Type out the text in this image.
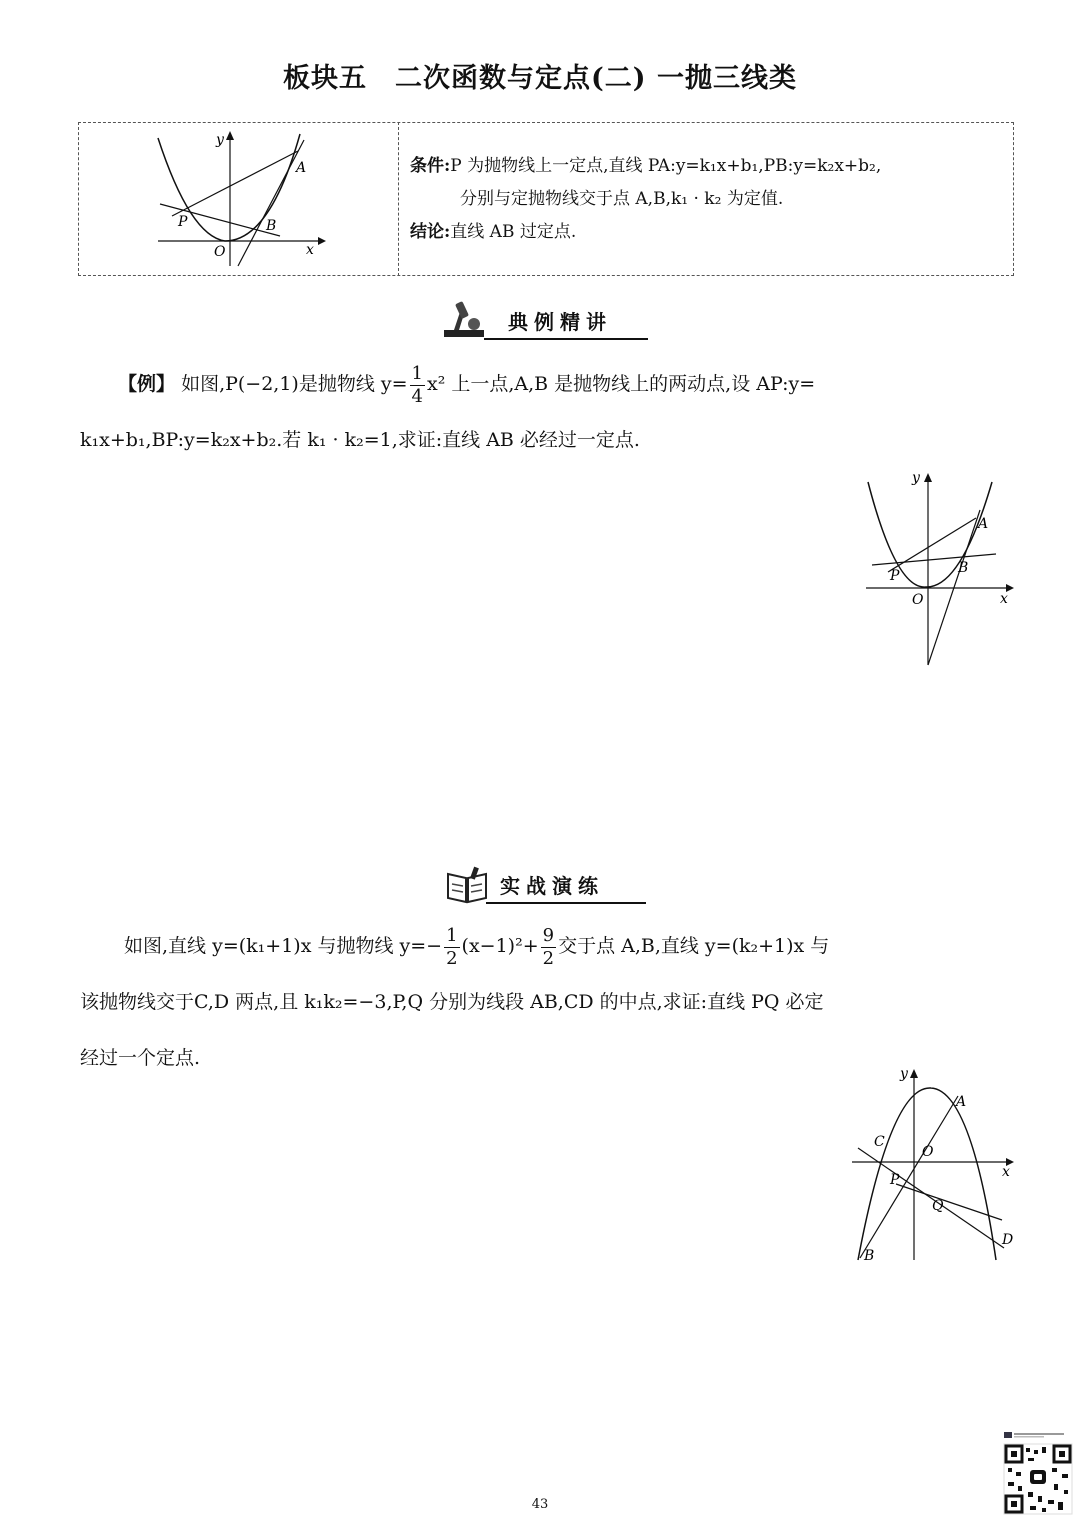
板块五 二次函数与定点(二) 一抛三线类
y
x
O
A
B
P
条件:P 为抛物线上一定点,直线 PA:y=k₁x+b₁,PB:y=k₂x+b₂,
分别与定抛物线交于点 A,B,k₁ · k₂ 为定值.
结论:直线 AB 过定点.
典例精讲
【例】 如图,P(−2,1)是抛物线 $y= \frac{1}{4} x^2$ 上一点,A,B 是抛物线上的两动点,设 AP:y=
k₁x+b₁,BP:y=k₂x+b₂.若 k₁ · k₂=1,求证:直线 AB 必经过一定点.
y
x
O
A
B
P
实战演练
如图,直线 y=(k₁+1)x 与抛物线 $y=- \frac{1}{2} (x-1)^2+ \frac{9}{2}$ 交于点 A,B,直线 y=(k₂+1)x 与
该抛物线交于C,D 两点,且 k₁k₂=−3,P,Q 分别为线段 AB,CD 的中点,求证:直线 PQ 必定
经过一个定点.
y
x
O
A
B
C
D
P
Q
43
